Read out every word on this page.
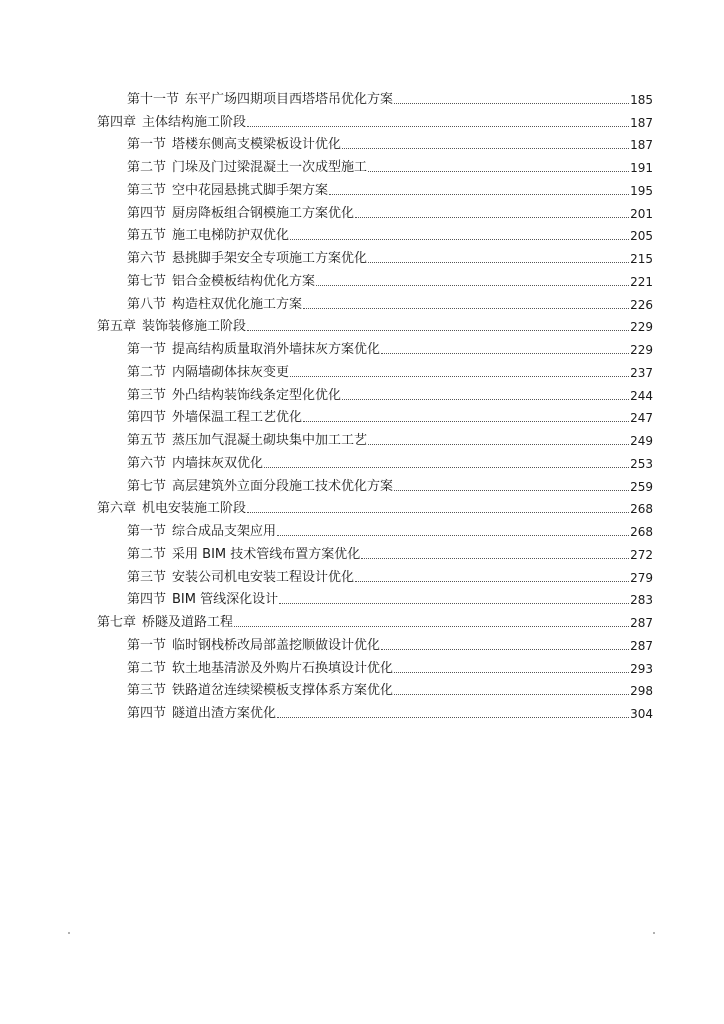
第十一节 东平广场四期项目西塔塔吊优化方案	185
第四章 主体结构施工阶段	187
第一节 塔楼东侧高支模梁板设计优化	187
第二节 门垛及门过梁混凝土一次成型施工	191
第三节 空中花园悬挑式脚手架方案	195
第四节 厨房降板组合钢模施工方案优化	201
第五节 施工电梯防护双优化	205
第六节 悬挑脚手架安全专项施工方案优化	215
第七节 铝合金模板结构优化方案	221
第八节 构造柱双优化施工方案	226
第五章 装饰装修施工阶段	229
第一节 提高结构质量取消外墙抹灰方案优化	229
第二节 内隔墙砌体抹灰变更	237
第三节 外凸结构装饰线条定型化优化	244
第四节 外墙保温工程工艺优化	247
第五节 蒸压加气混凝土砌块集中加工工艺	249
第六节 内墙抹灰双优化	253
第七节 高层建筑外立面分段施工技术优化方案	259
第六章 机电安装施工阶段	268
第一节 综合成品支架应用	268
第二节 采用 BIM 技术管线布置方案优化	272
第三节 安装公司机电安装工程设计优化	279
第四节 BIM 管线深化设计	283
第七章 桥隧及道路工程	287
第一节 临时钢栈桥改局部盖挖顺做设计优化	287
第二节 软土地基清淤及外购片石换填设计优化	293
第三节 铁路道岔连续梁模板支撑体系方案优化	298
第四节 隧道出渣方案优化	304
